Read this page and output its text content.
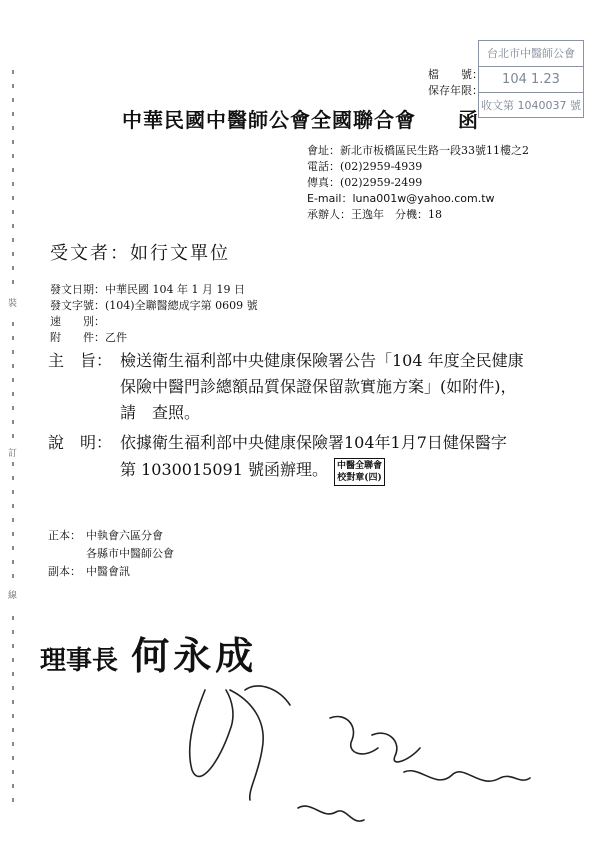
台北市中醫師公會
104 1.23
收文第 1040037 號
檔　　號：
保存年限：
中華民國中醫師公會全國聯合會　　函
會址：新北市板橋區民生路一段33號11樓之2
電話：(02)2959-4939
傳真：(02)2959-2499
E-mail：luna001w@yahoo.com.tw
承辦人：王逸年　分機：18
受文者：如行文單位
發文日期：中華民國 104 年 1 月 19 日
發文字號：(104)全聯醫總成字第 0609 號
速　　別：
附　　件：乙件
主　旨： 檢送衛生福利部中央健康保險署公告「104 年度全民健康
保險中醫門診總額品質保證保留款實施方案」(如附件)，
請　查照。
說　明： 依據衛生福利部中央健康保險署104年1月7日健保醫字
第 1030015091 號函辦理。 中醫全聯會
校對章(四)
正本： 中執會六區分會
各縣市中醫師公會
副本： 中醫會訊
裝
訂
線
理事長 何永成
